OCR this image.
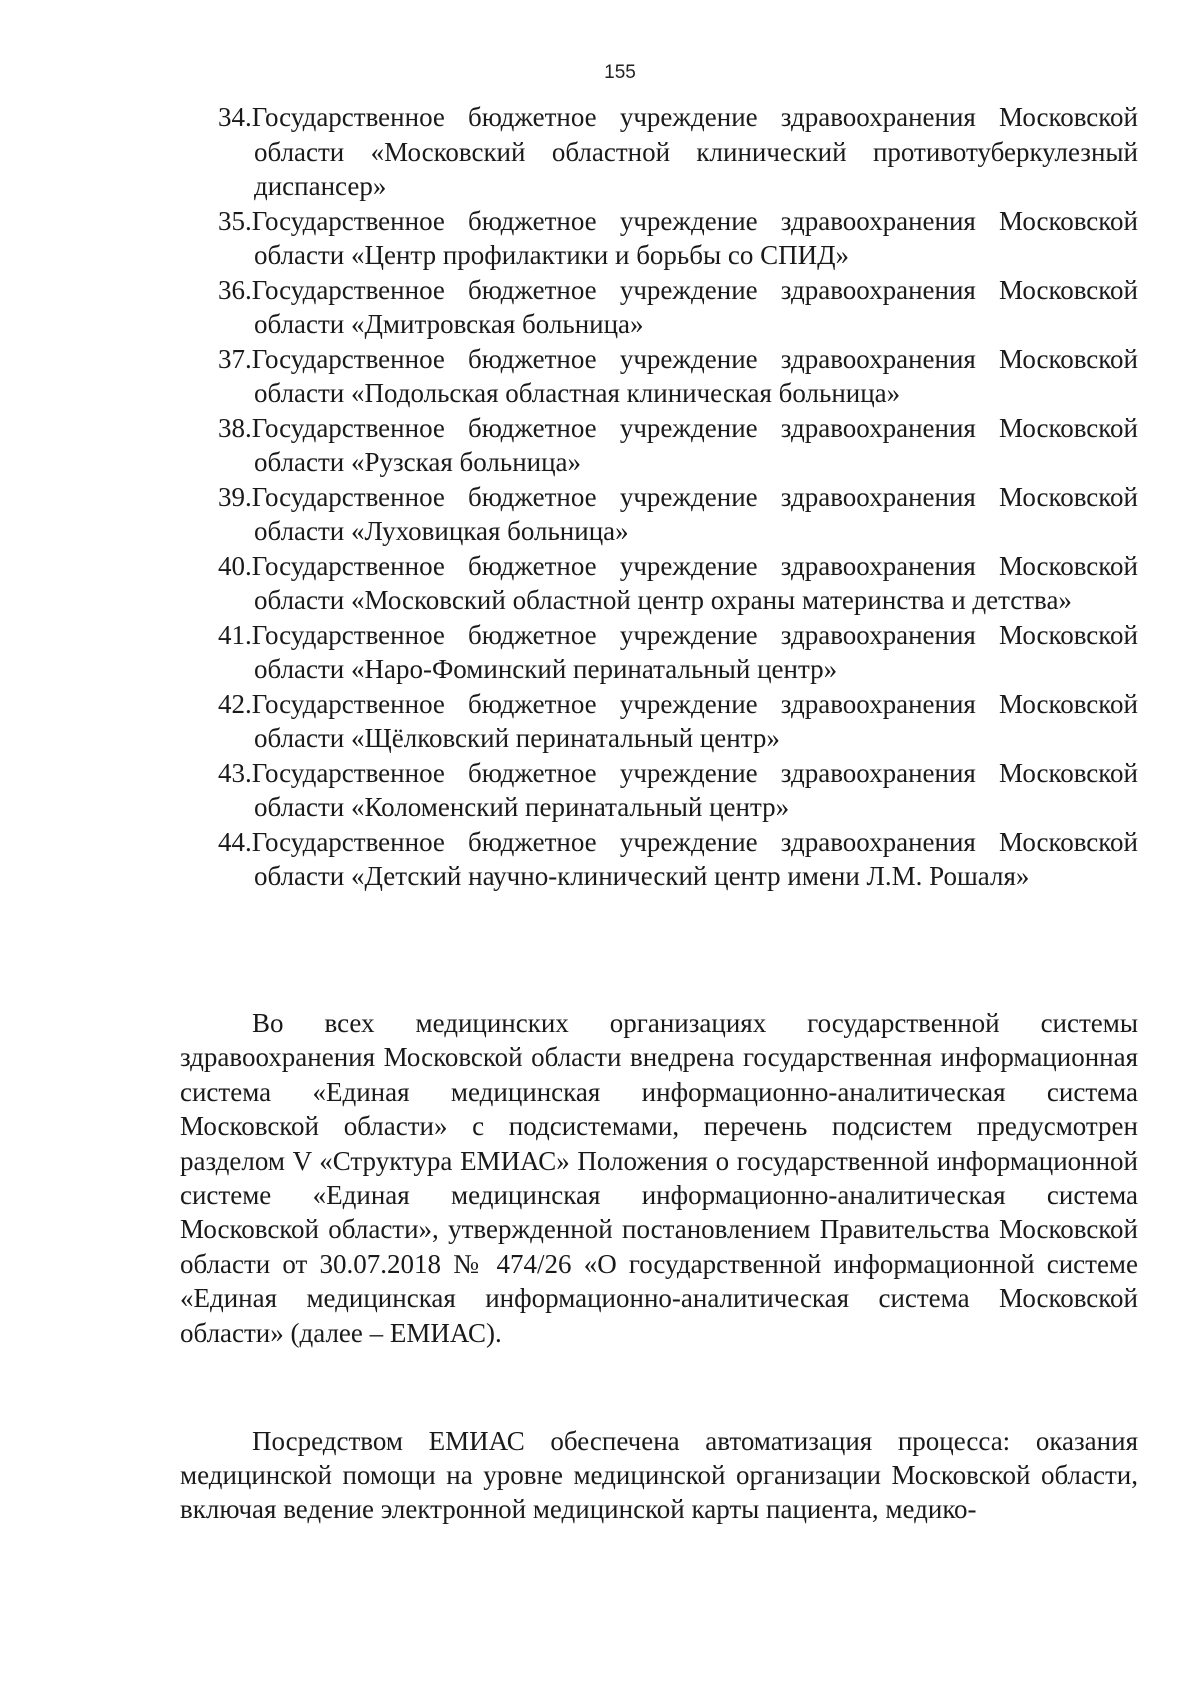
155
34.Государственное бюджетное учреждение здравоохранения Московской области «Московский областной клинический противотуберкулезный диспансер»
35.Государственное бюджетное учреждение здравоохранения Московской области «Центр профилактики и борьбы со СПИД»
36.Государственное бюджетное учреждение здравоохранения Московской области «Дмитровская больница»
37.Государственное бюджетное учреждение здравоохранения Московской области «Подольская областная клиническая больница»
38.Государственное бюджетное учреждение здравоохранения Московской области «Рузская больница»
39.Государственное бюджетное учреждение здравоохранения Московской области «Луховицкая больница»
40.Государственное бюджетное учреждение здравоохранения Московской области «Московский областной центр охраны материнства и детства»
41.Государственное бюджетное учреждение здравоохранения Московской области «Наро-Фоминский перинатальный центр»
42.Государственное бюджетное учреждение здравоохранения Московской области «Щёлковский перинатальный центр»
43.Государственное бюджетное учреждение здравоохранения Московской области «Коломенский перинатальный центр»
44.Государственное бюджетное учреждение здравоохранения Московской области «Детский научно-клинический центр имени Л.М. Рошаля»

Во всех медицинских организациях государственной системы здравоохранения Московской области внедрена государственная информационная система «Единая медицинская информационно-аналитическая система Московской области» с подсистемами, перечень подсистем предусмотрен разделом V «Структура ЕМИАС» Положения о государственной информационной системе «Единая медицинская информационно-аналитическая система Московской области», утвержденной постановлением Правительства Московской области от 30.07.2018 № 474/26 «О государственной информационной системе «Единая медицинская информационно-аналитическая система Московской области» (далее – ЕМИАС).

Посредством ЕМИАС обеспечена автоматизация процесса: оказания медицинской помощи на уровне медицинской организации Московской области, включая ведение электронной медицинской карты пациента, медико-
